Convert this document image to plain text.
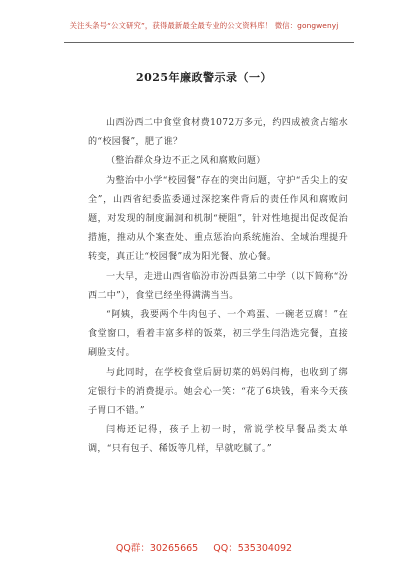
关注头条号“公文研究”，获得最新最全最专业的公文资料库！ 微信：gongwenyj
2025年廉政警示录（一）

山西汾西二中食堂食材费1072万多元，约四成被贪占缩水的“校园餐”，肥了谁？

（整治群众身边不正之风和腐败问题）

为整治中小学“校园餐”存在的突出问题，守护“舌尖上的安全”，山西省纪委监委通过深挖案件背后的责任作风和腐败问题，对发现的制度漏洞和机制“梗阻”，针对性地提出促改促治措施，推动从个案查处、重点惩治向系统施治、全域治理提升转变，真正让“校园餐”成为阳光餐、放心餐。

一大早，走进山西省临汾市汾西县第二中学（以下简称“汾西二中”），食堂已经坐得满满当当。

“阿姨，我要两个牛肉包子、一个鸡蛋、一碗老豆腐！”在食堂窗口，看着丰富多样的饭菜，初三学生闫浩选完餐，直接刷脸支付。

与此同时，在学校食堂后厨切菜的妈妈闫梅，也收到了绑定银行卡的消费提示。她会心一笑：“花了6块钱，看来今天孩子胃口不错。”

闫梅还记得，孩子上初一时，常说学校早餐品类太单调，“只有包子、稀饭等几样，早就吃腻了。”

QQ群：30265665 QQ：535304092
